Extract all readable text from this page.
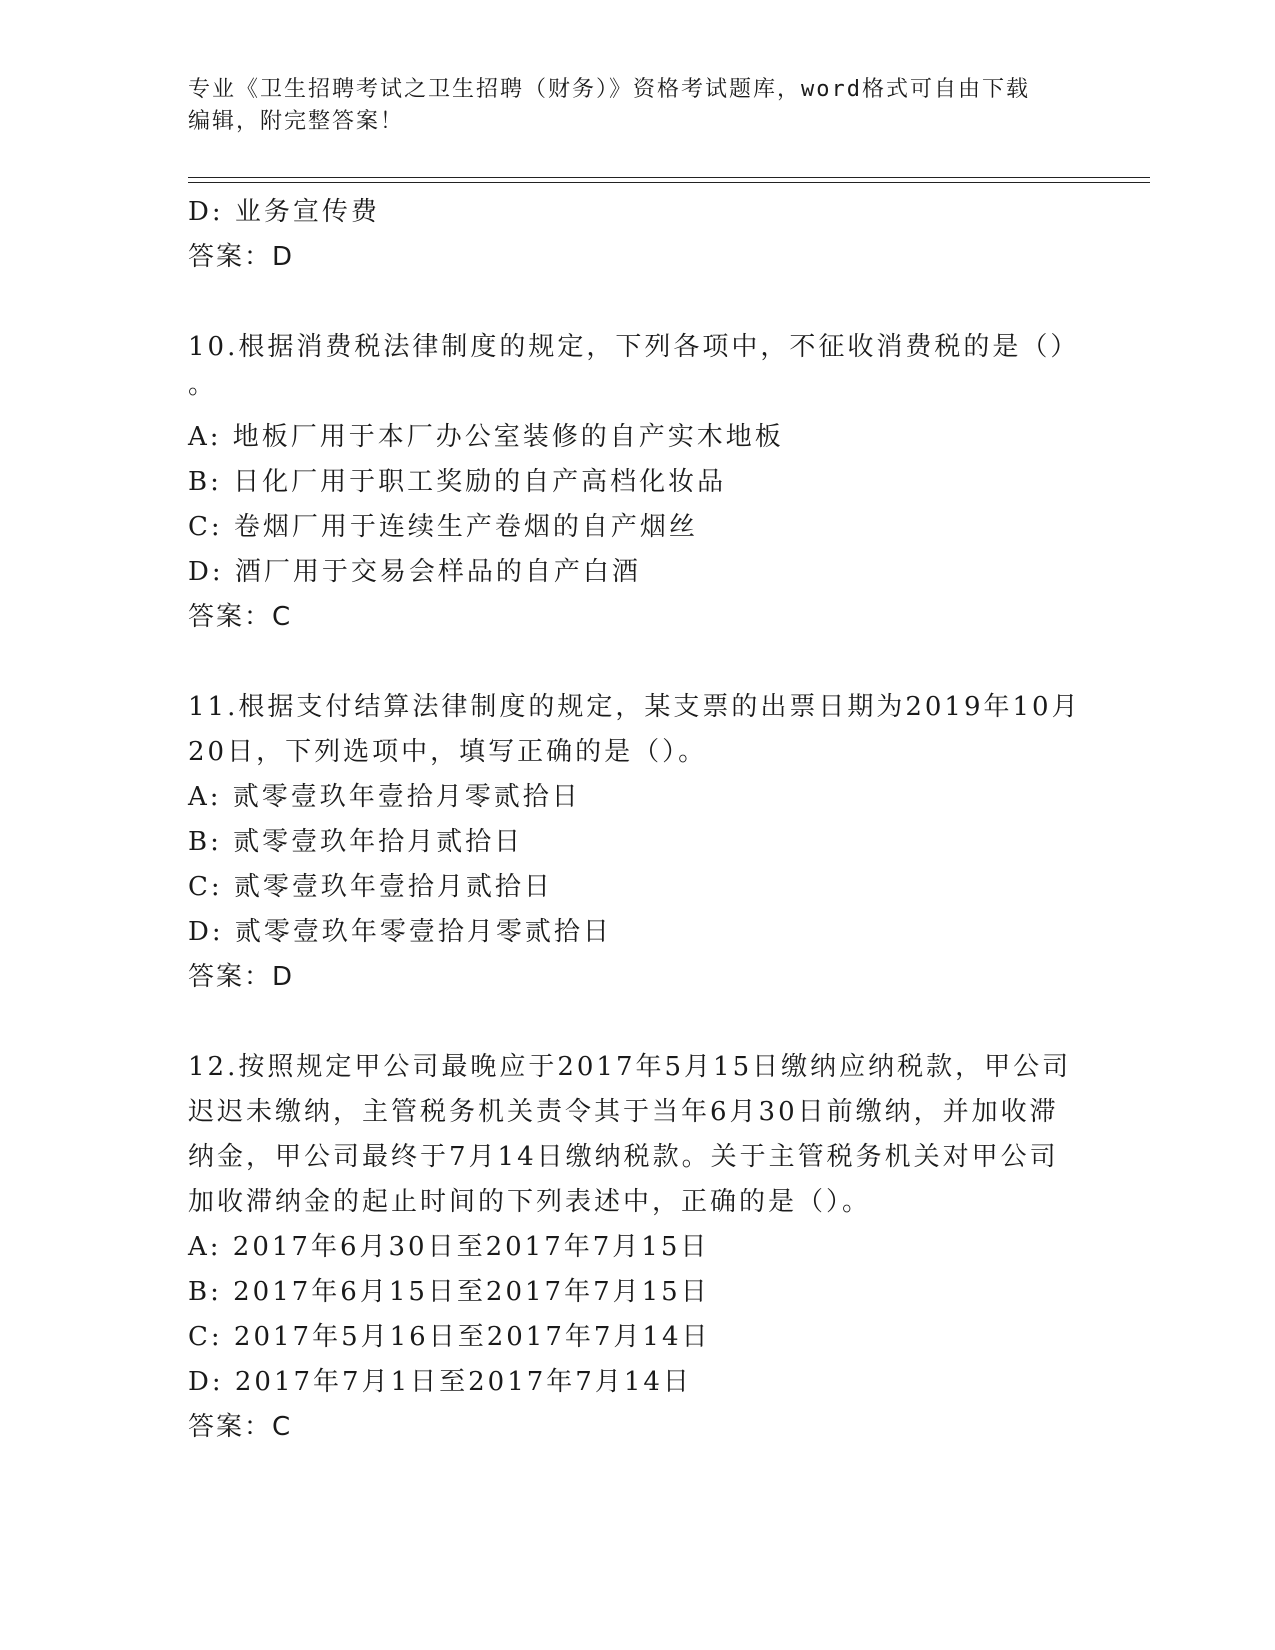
专业《卫生招聘考试之卫生招聘（财务）》资格考试题库，word格式可自由下载
编辑，附完整答案！
D: 业务宣传费
答案：D
10.根据消费税法律制度的规定，下列各项中，不征收消费税的是（）
。
A: 地板厂用于本厂办公室装修的自产实木地板
B: 日化厂用于职工奖励的自产高档化妆品
C: 卷烟厂用于连续生产卷烟的自产烟丝
D: 酒厂用于交易会样品的自产白酒
答案：C
11.根据支付结算法律制度的规定，某支票的出票日期为2019年10月
20日，下列选项中，填写正确的是（）。
A: 贰零壹玖年壹拾月零贰拾日
B: 贰零壹玖年拾月贰拾日
C: 贰零壹玖年壹拾月贰拾日
D: 贰零壹玖年零壹拾月零贰拾日
答案：D
12.按照规定甲公司最晚应于2017年5月15日缴纳应纳税款，甲公司
迟迟未缴纳，主管税务机关责令其于当年6月30日前缴纳，并加收滞
纳金，甲公司最终于7月14日缴纳税款。关于主管税务机关对甲公司
加收滞纳金的起止时间的下列表述中，正确的是（）。
A: 2017年6月30日至2017年7月15日
B: 2017年6月15日至2017年7月15日
C: 2017年5月16日至2017年7月14日
D: 2017年7月1日至2017年7月14日
答案：C
